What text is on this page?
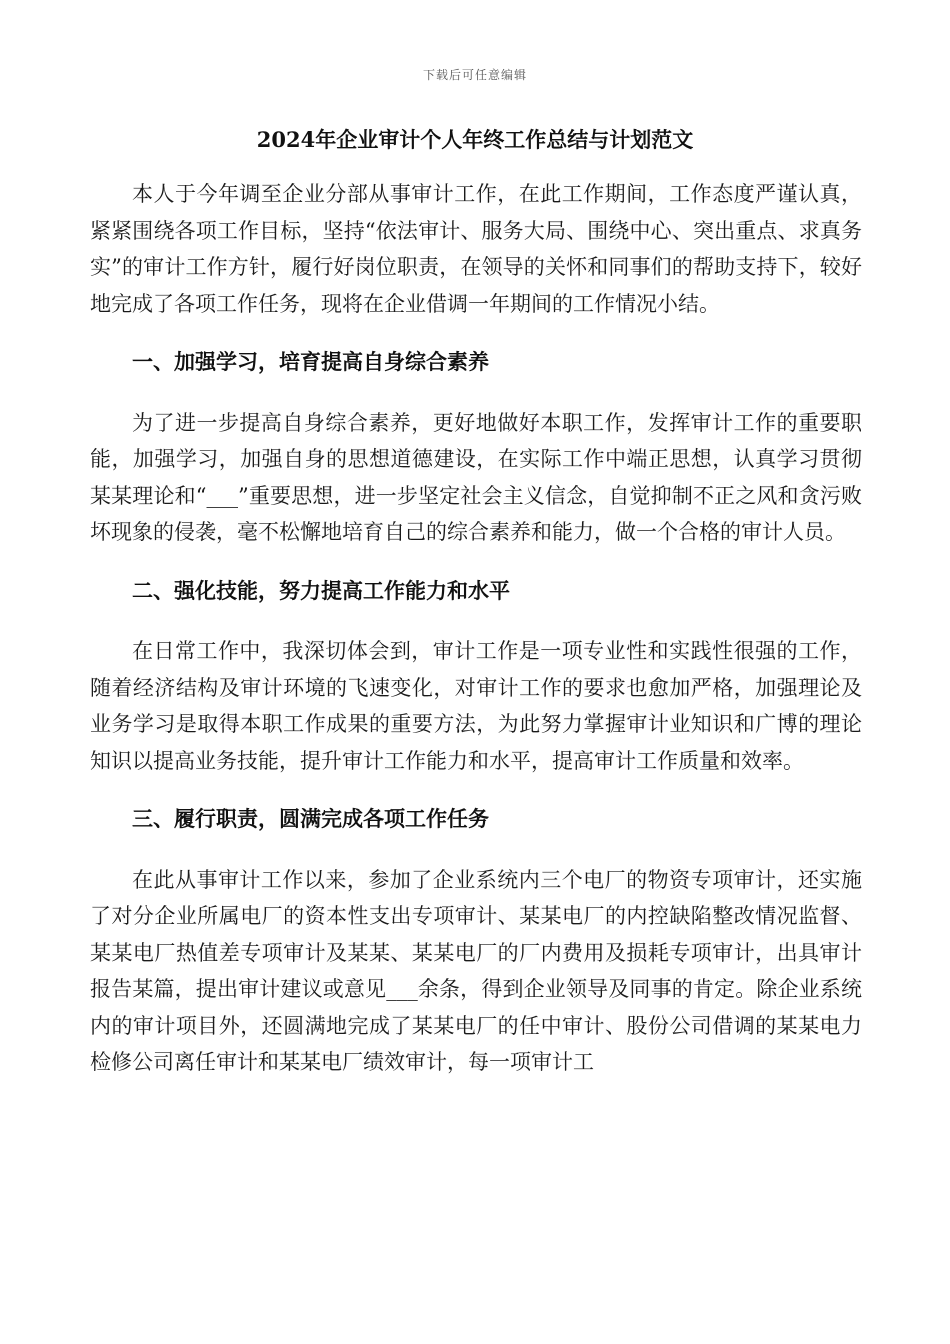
下载后可任意编辑
2024年企业审计个人年终工作总结与计划范文

本人于今年调至企业分部从事审计工作，在此工作期间，工作态度严谨认真，紧紧围绕各项工作目标，坚持“依法审计、服务大局、围绕中心、突出重点、求真务实”的审计工作方针，履行好岗位职责，在领导的关怀和同事们的帮助支持下，较好地完成了各项工作任务，现将在企业借调一年期间的工作情况小结。

一、加强学习，培育提高自身综合素养

为了进一步提高自身综合素养，更好地做好本职工作，发挥审计工作的重要职能，加强学习，加强自身的思想道德建设，在实际工作中端正思想，认真学习贯彻某某理论和“___”重要思想，进一步坚定社会主义信念，自觉抑制不正之风和贪污败坏现象的侵袭，毫不松懈地培育自己的综合素养和能力，做一个合格的审计人员。

二、强化技能，努力提高工作能力和水平

在日常工作中，我深切体会到，审计工作是一项专业性和实践性很强的工作，随着经济结构及审计环境的飞速变化，对审计工作的要求也愈加严格，加强理论及业务学习是取得本职工作成果的重要方法，为此努力掌握审计业知识和广博的理论知识以提高业务技能，提升审计工作能力和水平，提高审计工作质量和效率。

三、履行职责，圆满完成各项工作任务

在此从事审计工作以来，参加了企业系统内三个电厂的物资专项审计，还实施了对分企业所属电厂的资本性支出专项审计、某某电厂的内控缺陷整改情况监督、某某电厂热值差专项审计及某某、某某电厂的厂内费用及损耗专项审计，出具审计报告某篇，提出审计建议或意见___余条，得到企业领导及同事的肯定。除企业系统内的审计项目外，还圆满地完成了某某电厂的任中审计、股份公司借调的某某电力检修公司离任审计和某某电厂绩效审计，每一项审计工
